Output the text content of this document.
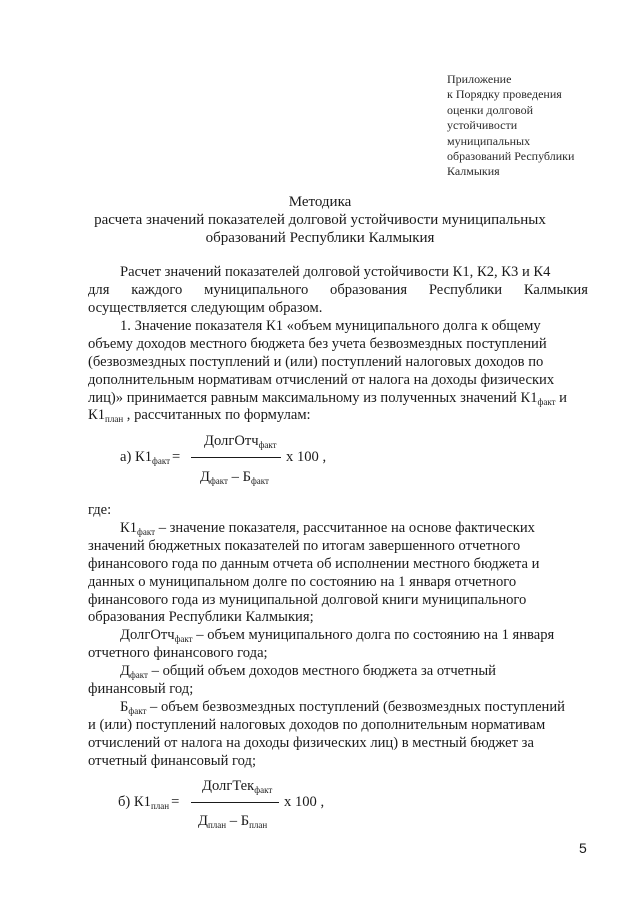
Приложение
к Порядку проведения
оценки долговой
устойчивости
муниципальных
образований Республики
Калмыкия
Методика
расчета значений показателей долговой устойчивости муниципальных
образований Республики Калмыкия
Расчет значений показателей долговой устойчивости К1, К2, К3 и К4
для каждого муниципального образования Республики Калмыкия
осуществляется следующим образом.
1. Значение показателя К1 «объем муниципального долга к общему
объему доходов местного бюджета без учета безвозмездных поступлений
(безвозмездных поступлений и (или) поступлений налоговых доходов по
дополнительным нормативам отчислений от налога на доходы физических
лиц)» принимается равным максимальному из полученных значений $К1_{факт}$ и
$К1_{план}$ , рассчитанных по формулам:
ДолгОтч$_{факт}$
а) $К1_{факт}$ =	х 100 ,
$Д_{факт} - Б_{факт}$
где:
$К1_{факт}$ – значение показателя, рассчитанное на основе фактических
значений бюджетных показателей по итогам завершенного отчетного
финансового года по данным отчета об исполнении местного бюджета и
данных о муниципальном долге по состоянию на 1 января отчетного
финансового года из муниципальной долговой книги муниципального
образования Республики Калмыкия;
ДолгОтч$_{факт}$ – объем муниципального долга по состоянию на 1 января
отчетного финансового года;
$Д_{факт}$ – общий объем доходов местного бюджета за отчетный
финансовый год;
$Б_{факт}$ – объем безвозмездных поступлений (безвозмездных поступлений
и (или) поступлений налоговых доходов по дополнительным нормативам
отчислений от налога на доходы физических лиц) в местный бюджет за
отчетный финансовый год;
ДолгТек$_{факт}$
б) $К1_{план}$ =	х 100 ,
$Д_{план} - Б_{план}$
5
